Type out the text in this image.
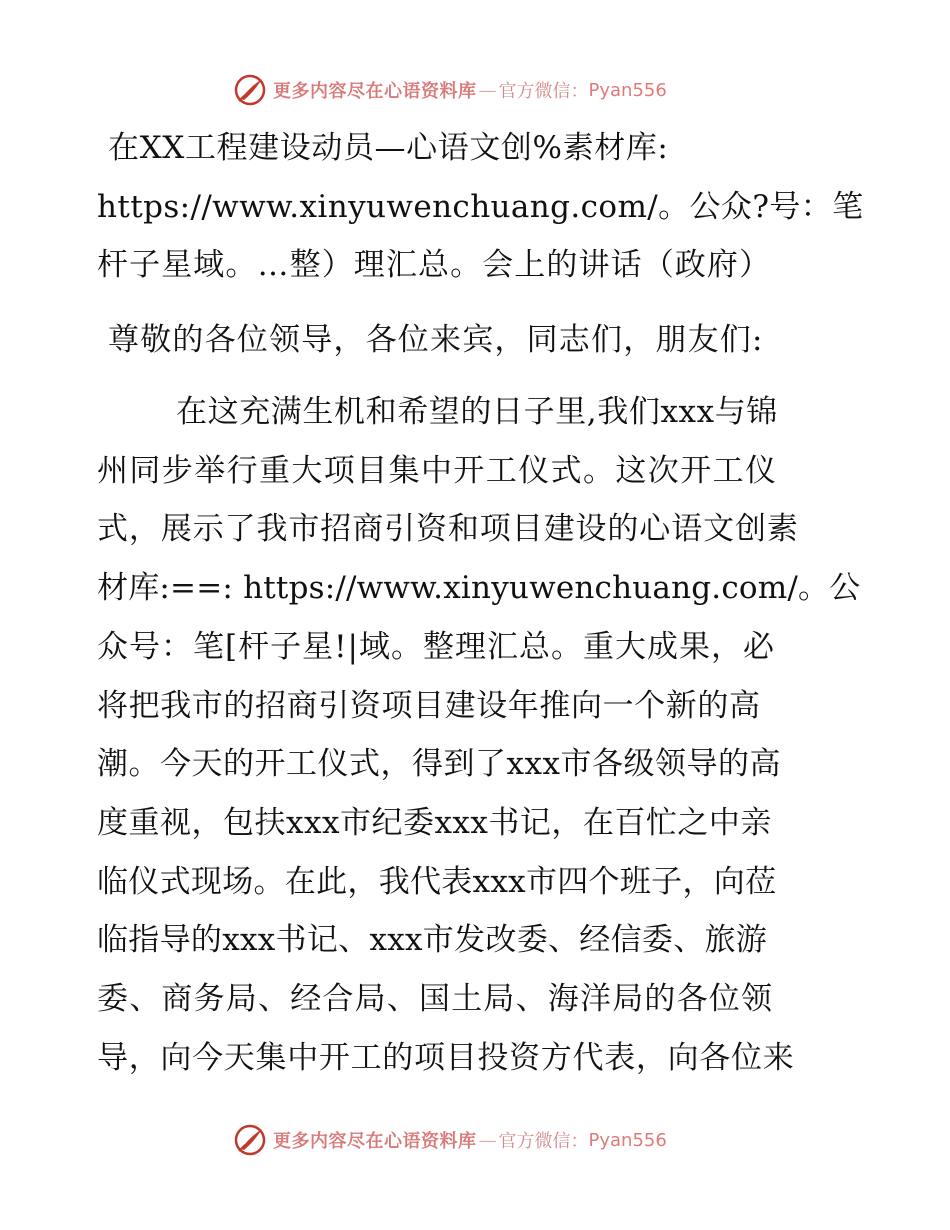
更多内容尽在心语资料库 — 官方微信： Pyan556
在XX工程建设动员—心语文创%素材库:
https://www.xinyuwenchuang.com/。公众?号：笔
杆子星域。…整）理汇总。会上的讲话（政府）
尊敬的各位领导，各位来宾，同志们，朋友们:
在这充满生机和希望的日子里,我们xxx与锦
州同步举行重大项目集中开工仪式。这次开工仪
式，展示了我市招商引资和项目建设的心语文创素
材库:==: https://www.xinyuwenchuang.com/。公
众号：笔[杆子星!|域。整理汇总。重大成果，必
将把我市的招商引资项目建设年推向一个新的高
潮。今天的开工仪式，得到了xxx市各级领导的高
度重视，包扶xxx市纪委xxx书记，在百忙之中亲
临仪式现场。在此，我代表xxx市四个班子，向莅
临指导的xxx书记、xxx市发改委、经信委、旅游
委、商务局、经合局、国土局、海洋局的各位领
导，向今天集中开工的项目投资方代表，向各位来
更多内容尽在心语资料库 — 官方微信： Pyan556
